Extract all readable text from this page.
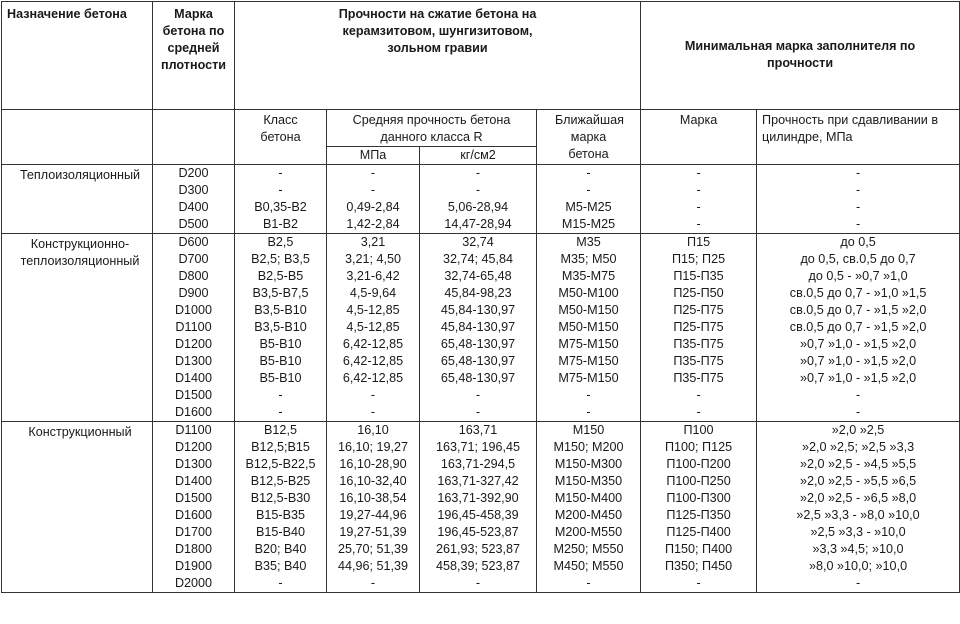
Назначение бетона	Марка бетона по средней плотности	Прочности на сжатие бетона на керамзитовом, шунгизитовом, зольном гравии				Минимальная марка заполнителя по прочности	
		Класс бетона	Средняя прочность бетона данного класса R		Ближайшая марка бетона	Марка	Прочность при сдавливании в цилиндре, МПа
			МПа	кг/см2			

Теплоизоляционный	D200	-	-	-	-	-	-
	D300	-	-	-	-	-	-
	D400	В0,35-В2	0,49-2,84	5,06-28,94	М5-М25	-	-
	D500	В1-В2	1,42-2,84	14,47-28,94	М15-М25	-	-

Конструкционно-теплоизоляционный	D600	В2,5	3,21	32,74	М35	П15	до 0,5
	D700	В2,5; В3,5	3,21; 4,50	32,74; 45,84	М35; М50	П15; П25	до 0,5, св.0,5 до 0,7
	D800	В2,5-В5	3,21-6,42	32,74-65,48	М35-М75	П15-П35	до 0,5 - »0,7 »1,0
	D900	В3,5-В7,5	4,5-9,64	45,84-98,23	М50-М100	П25-П50	св.0,5 до 0,7 - »1,0 »1,5
	D1000	В3,5-В10	4,5-12,85	45,84-130,97	М50-М150	П25-П75	св.0,5 до 0,7 - »1,5 »2,0
	D1100	В3,5-В10	4,5-12,85	45,84-130,97	М50-М150	П25-П75	св.0,5 до 0,7 - »1,5 »2,0
	D1200	В5-В10	6,42-12,85	65,48-130,97	М75-М150	П35-П75	»0,7 »1,0 - »1,5 »2,0
	D1300	В5-В10	6,42-12,85	65,48-130,97	М75-М150	П35-П75	»0,7 »1,0 - »1,5 »2,0
	D1400	В5-В10	6,42-12,85	65,48-130,97	М75-М150	П35-П75	»0,7 »1,0 - »1,5 »2,0
	D1500	-	-	-	-	-	-
	D1600	-	-	-	-	-	-

Конструкционный	D1100	В12,5	16,10	163,71	М150	П100	»2,0 »2,5
	D1200	В12,5;В15	16,10; 19,27	163,71; 196,45	М150; М200	П100; П125	»2,0 »2,5; »2,5 »3,3
	D1300	В12,5-В22,5	16,10-28,90	163,71-294,5	М150-М300	П100-П200	»2,0 »2,5 - »4,5 »5,5
	D1400	В12,5-В25	16,10-32,40	163,71-327,42	М150-М350	П100-П250	»2,0 »2,5 - »5,5 »6,5
	D1500	В12,5-В30	16,10-38,54	163,71-392,90	М150-М400	П100-П300	»2,0 »2,5 - »6,5 »8,0
	D1600	В15-В35	19,27-44,96	196,45-458,39	М200-М450	П125-П350	»2,5 »3,3 - »8,0 »10,0
	D1700	В15-В40	19,27-51,39	196,45-523,87	М200-М550	П125-П400	»2,5 »3,3 - »10,0
	D1800	В20; В40	25,70; 51,39	261,93; 523,87	М250; М550	П150; П400	»3,3 »4,5; »10,0
	D1900	В35; В40	44,96; 51,39	458,39; 523,87	М450; М550	П350; П450	»8,0 »10,0; »10,0
	D2000	-	-	-	-	-	-
